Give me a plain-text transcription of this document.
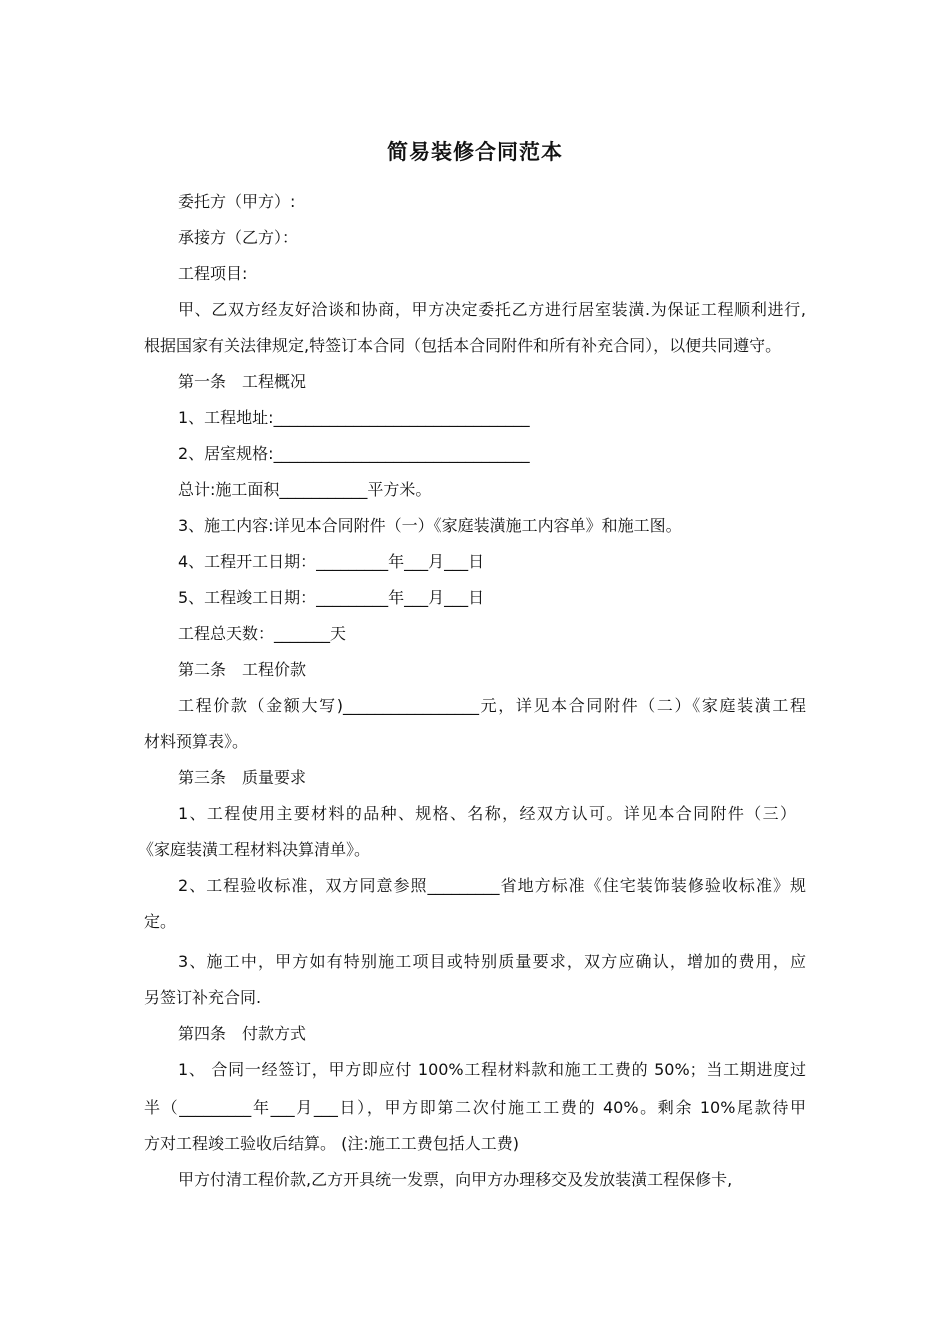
简易装修合同范本
委托方（甲方）:
承接方（乙方）：
工程项目:
甲、乙双方经友好洽谈和协商，甲方决定委托乙方进行居室装潢.为保证工程顺利进行,
根据国家有关法律规定,特签订本合同（包括本合同附件和所有补充合同），以便共同遵守。
第一条　工程概况
1、工程地址:________________________________
2、居室规格:________________________________
总计:施工面积___________平方米。
3、施工内容:详见本合同附件（一）《家庭装潢施工内容单》和施工图。
4、工程开工日期：_________年___月___日
5、工程竣工日期：_________年___月___日
工程总天数：_______天
第二条　工程价款
工程价款（金额大写)_________________元，详见本合同附件（二）《家庭装潢工程
材料预算表》。
第三条　质量要求
1、工程使用主要材料的品种、规格、名称，经双方认可。详见本合同附件（三）
《家庭装潢工程材料决算清单》。
2、工程验收标准，双方同意参照_________省地方标准《住宅装饰装修验收标准》规
定。
3、施工中，甲方如有特别施工项目或特别质量要求，双方应确认，增加的费用，应
另签订补充合同.
第四条　付款方式
1、 合同一经签订，甲方即应付 100%工程材料款和施工工费的 50%；当工期进度过
半（_________年___月___日），甲方即第二次付施工工费的 40%。剩余 10%尾款待甲
方对工程竣工验收后结算。 (注:施工工费包括人工费)
甲方付清工程价款,乙方开具统一发票，向甲方办理移交及发放装潢工程保修卡,
